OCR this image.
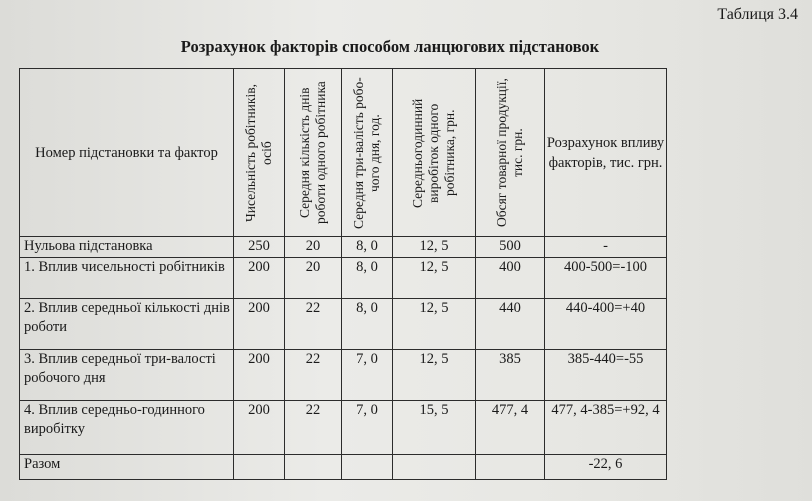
Таблиця 3.4
Розрахунок факторів способом ланцюгових підстановок
Номер підстановки та фактор	Чисельність робітників, осіб	Середня кількість днів роботи одного робітника	Середня три-валість робо-чого дня, год.	Середньогодинний виробіток одного робітника, грн.	Обсяг товарної продукції, тис. грн.	Розрахунок впливу факторів, тис. грн.
Нульова підстановка	250	20	8, 0	12, 5	500	-
1. Вплив чисельності робітників	200	20	8, 0	12, 5	400	400-500=-100
2. Вплив середньої кількості днів роботи	200	22	8, 0	12, 5	440	440-400=+40
3. Вплив середньої три-валості робочого дня	200	22	7, 0	12, 5	385	385-440=-55
4. Вплив середньо-годинного виробітку	200	22	7, 0	15, 5	477, 4	477, 4-385=+92, 4
Разом						-22, 6
